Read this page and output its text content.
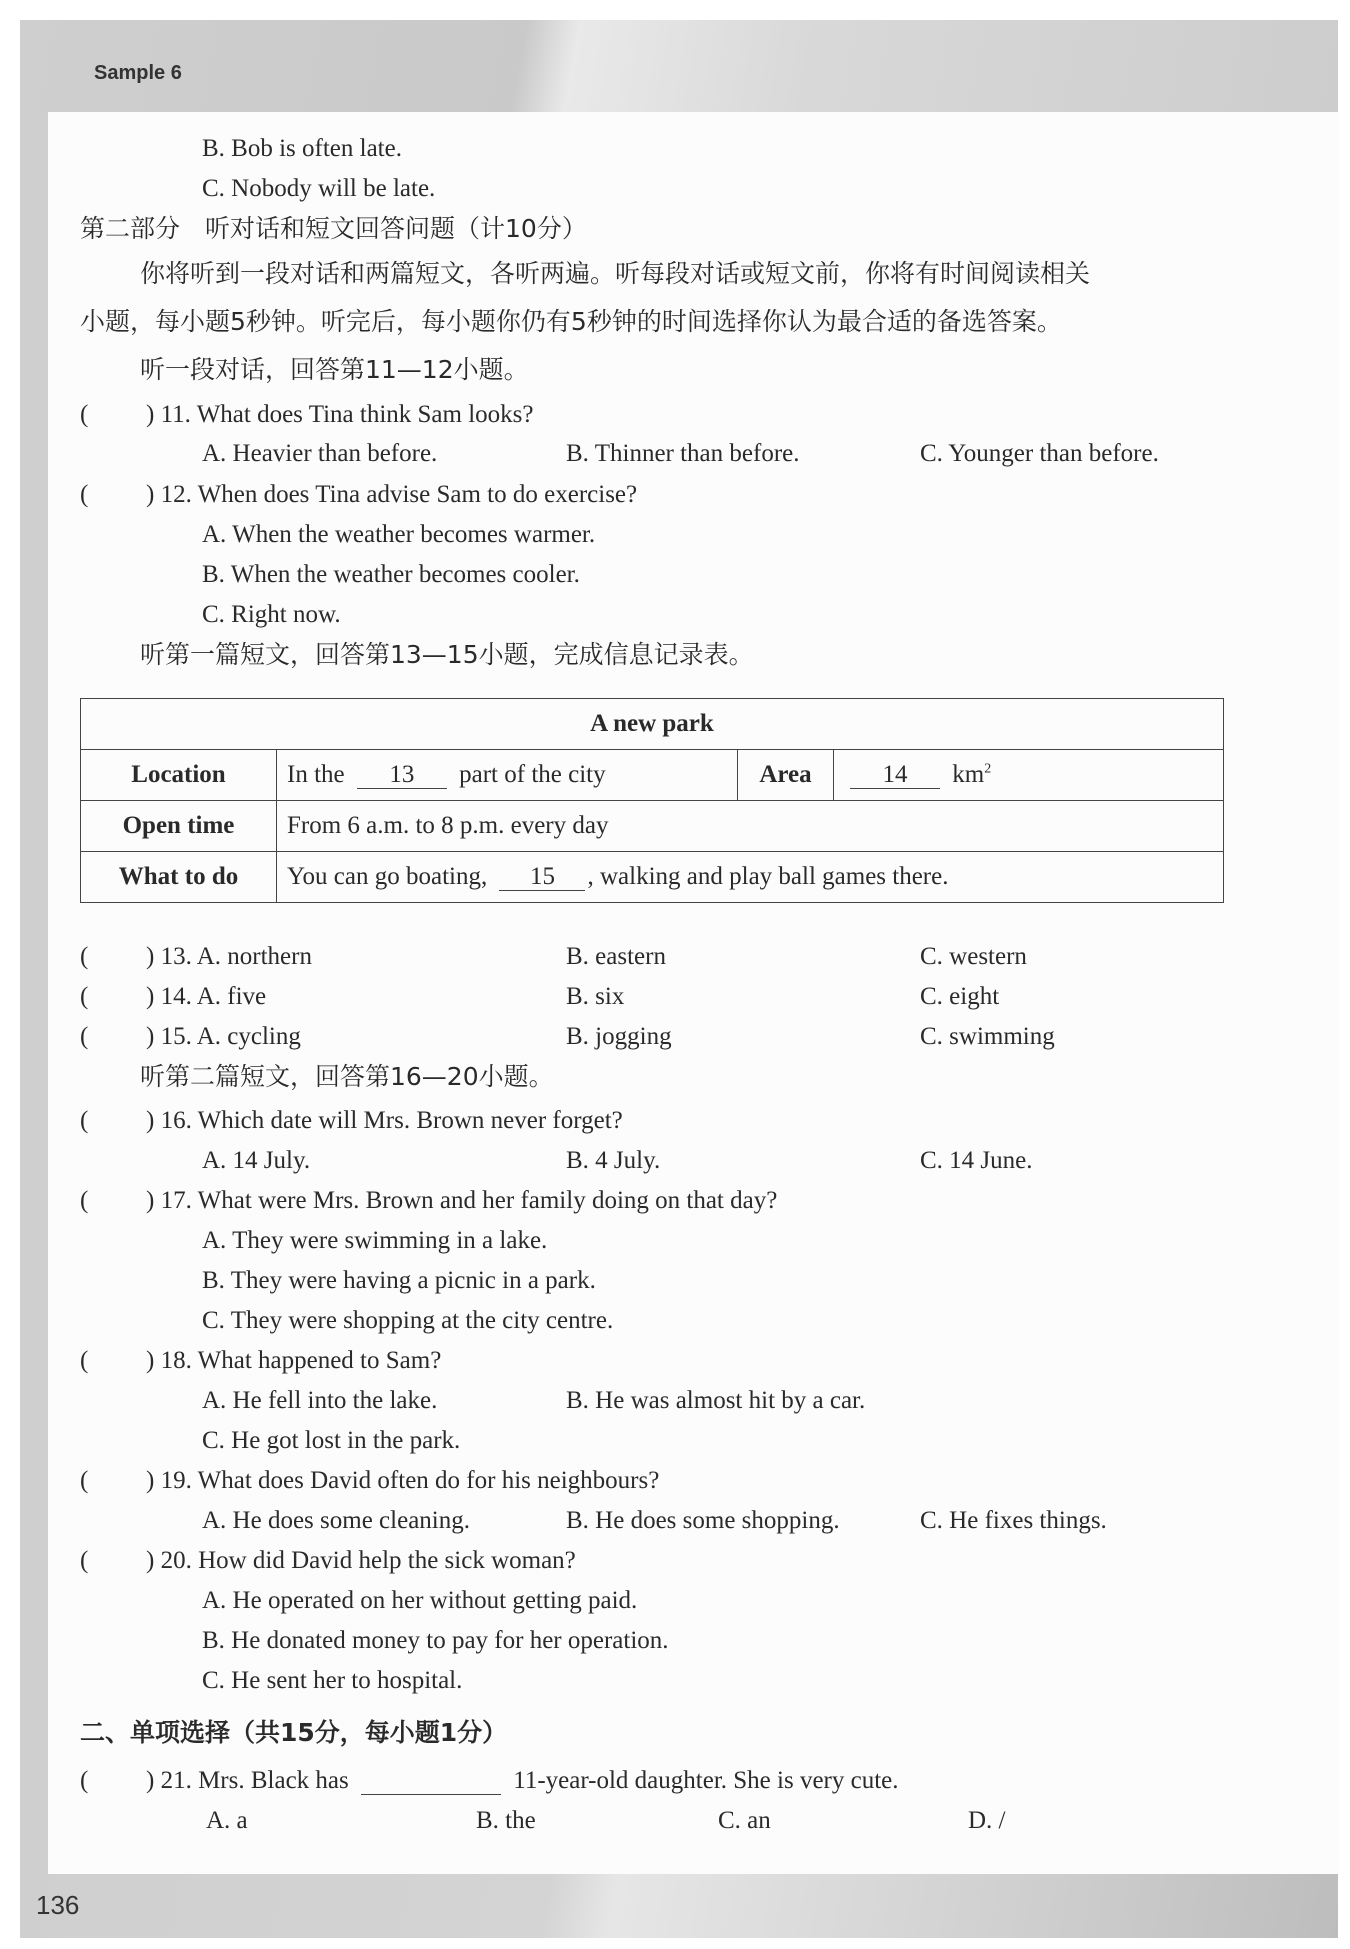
Sample 6
136
B. Bob is often late.
C. Nobody will be late.
第二部分　听对话和短文回答问题（计10分）
你将听到一段对话和两篇短文，各听两遍。听每段对话或短文前，你将有时间阅读相关
小题，每小题5秒钟。听完后，每小题你仍有5秒钟的时间选择你认为最合适的备选答案。
听一段对话，回答第11—12小题。
( ) 11. What does Tina think Sam looks?
A. Heavier than before.	B. Thinner than before.	C. Younger than before.
( ) 12. When does Tina advise Sam to do exercise?
A. When the weather becomes warmer.
B. When the weather becomes cooler.
C. Right now.
听第一篇短文，回答第13—15小题，完成信息记录表。
A new park			
Location	In the 13 part of the city	Area	14 $km^2$
Open time	From 6 a.m. to 8 p.m. every day		
What to do	You can go boating, 15 , walking and play ball games there.		
( ) 13. A. northern	B. eastern	C. western
( ) 14. A. five	B. six	C. eight
( ) 15. A. cycling	B. jogging	C. swimming
听第二篇短文，回答第16—20小题。
( ) 16. Which date will Mrs. Brown never forget?
A. 14 July.	B. 4 July.	C. 14 June.
( ) 17. What were Mrs. Brown and her family doing on that day?
A. They were swimming in a lake.
B. They were having a picnic in a park.
C. They were shopping at the city centre.
( ) 18. What happened to Sam?
A. He fell into the lake.	B. He was almost hit by a car.
C. He got lost in the park.
( ) 19. What does David often do for his neighbours?
A. He does some cleaning.	B. He does some shopping.	C. He fixes things.
( ) 20. How did David help the sick woman?
A. He operated on her without getting paid.
B. He donated money to pay for her operation.
C. He sent her to hospital.
二、单项选择（共15分，每小题1分）
( ) 21. Mrs. Black has	11-year-old daughter. She is very cute.
A. a	B. the	C. an	D. /
